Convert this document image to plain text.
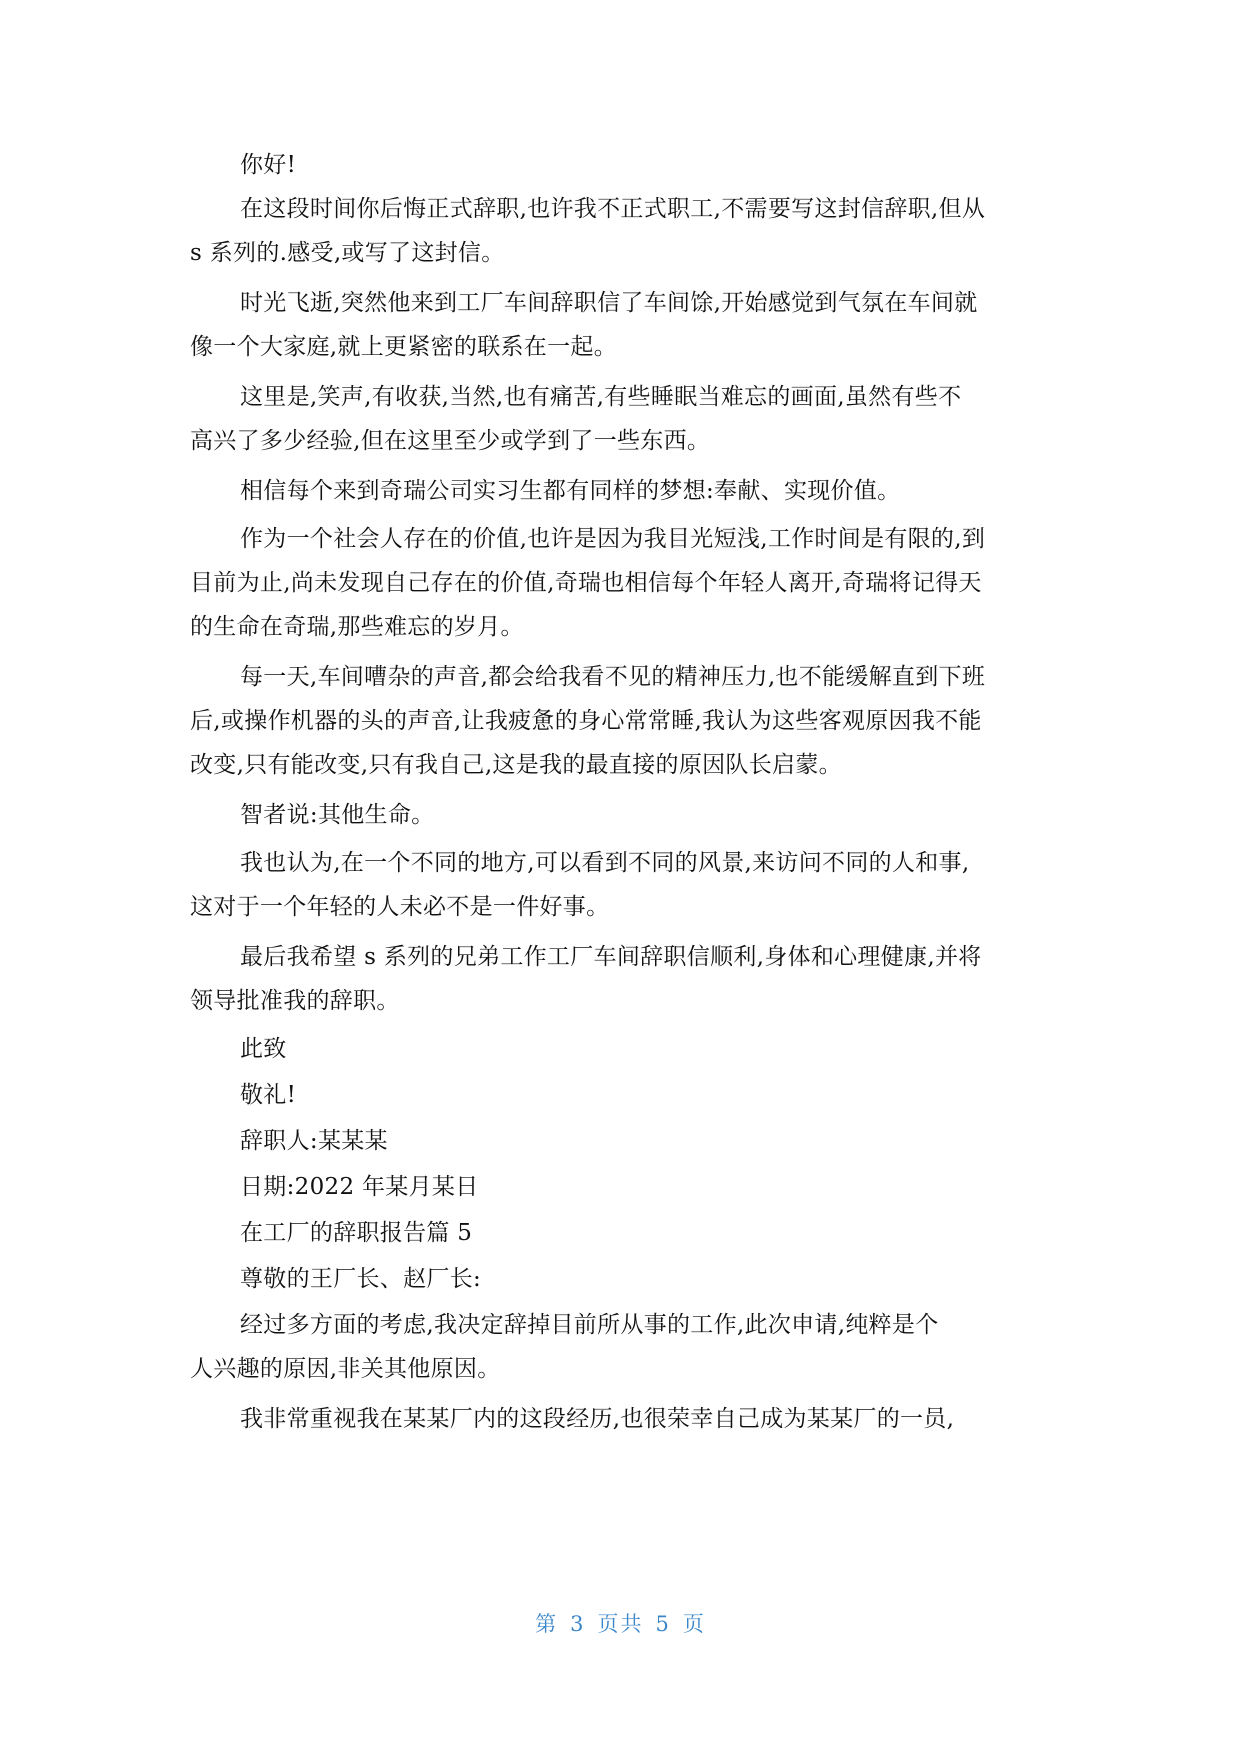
你好!
在这段时间你后悔正式辞职,也许我不正式职工,不需要写这封信辞职,但从
s 系列的.感受,或写了这封信。
时光飞逝,突然他来到工厂车间辞职信了车间馀,开始感觉到气氛在车间就
像一个大家庭,就上更紧密的联系在一起。
这里是,笑声,有收获,当然,也有痛苦,有些睡眠当难忘的画面,虽然有些不
高兴了多少经验,但在这里至少或学到了一些东西。
相信每个来到奇瑞公司实习生都有同样的梦想:奉献、实现价值。
作为一个社会人存在的价值,也许是因为我目光短浅,工作时间是有限的,到
目前为止,尚未发现自己存在的价值,奇瑞也相信每个年轻人离开,奇瑞将记得天
的生命在奇瑞,那些难忘的岁月。
每一天,车间嘈杂的声音,都会给我看不见的精神压力,也不能缓解直到下班
后,或操作机器的头的声音,让我疲惫的身心常常睡,我认为这些客观原因我不能
改变,只有能改变,只有我自己,这是我的最直接的原因队长启蒙。
智者说:其他生命。
我也认为,在一个不同的地方,可以看到不同的风景,来访问不同的人和事,
这对于一个年轻的人未必不是一件好事。
最后我希望 s 系列的兄弟工作工厂车间辞职信顺利,身体和心理健康,并将
领导批准我的辞职。
此致
敬礼!
辞职人:某某某
日期:2022 年某月某日
在工厂的辞职报告篇 5
尊敬的王厂长、赵厂长:
经过多方面的考虑,我决定辞掉目前所从事的工作,此次申请,纯粹是个
人兴趣的原因,非关其他原因。
我非常重视我在某某厂内的这段经历,也很荣幸自己成为某某厂的一员,
第 3 页共 5 页
